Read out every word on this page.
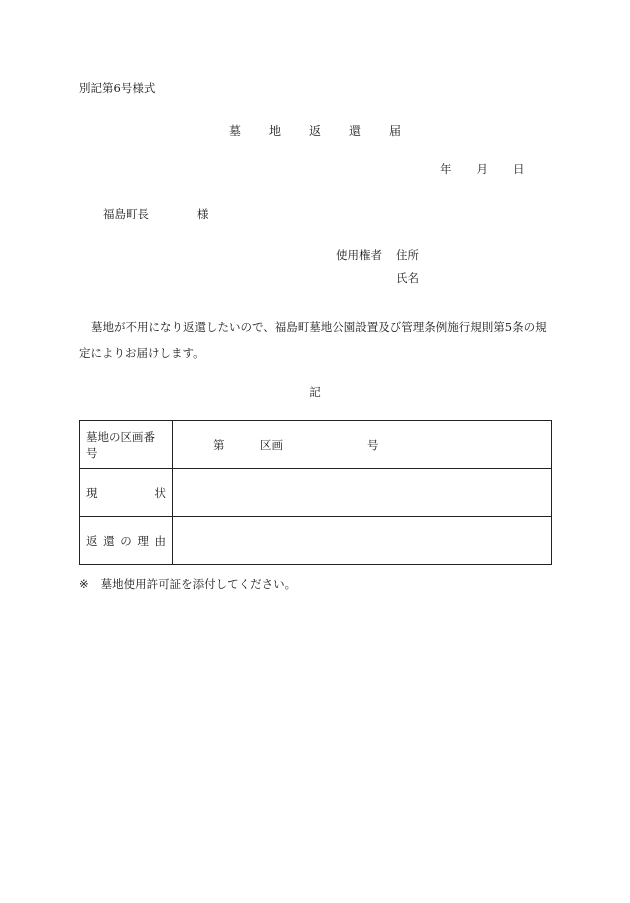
別記第6号様式
墓 地 返 還 届
年 月 日
福島町長	様
使用権者 住所
氏名
墓地が不用になり返還したいので、福島町墓地公園設置及び管理条例施行規則第5条の規定によりお届けします。
記
墓地の区画番号	第 区画 号

現 状	

返 還 の 理 由	

※ 墓地使用許可証を添付してください。
